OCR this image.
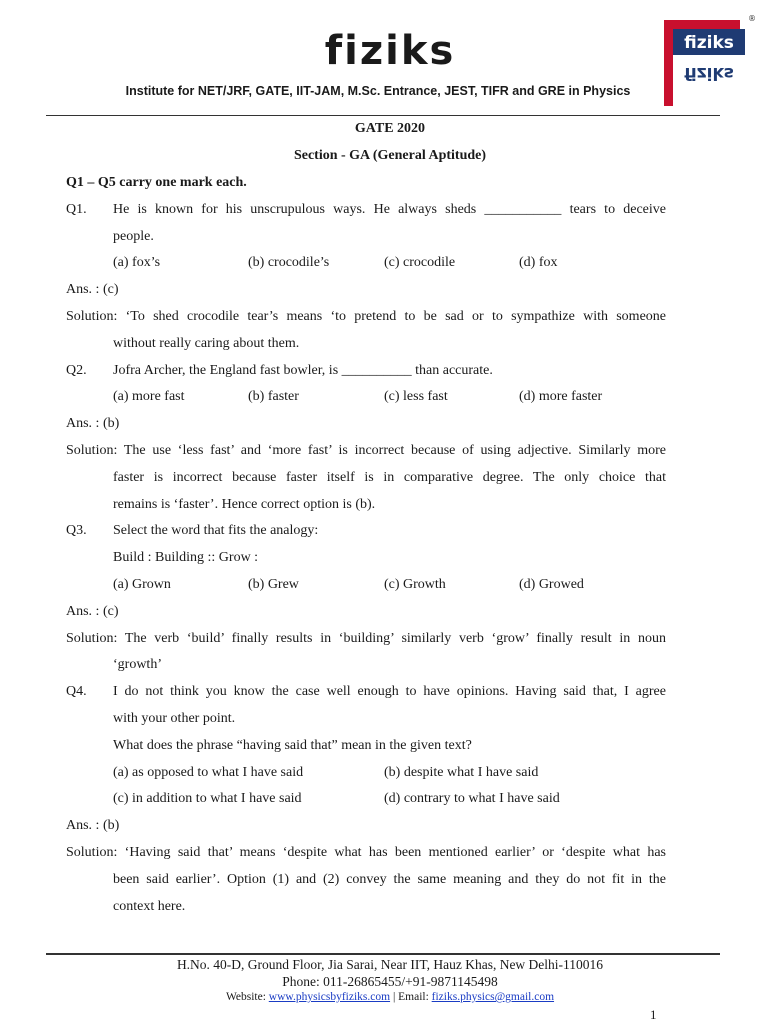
fiziks
Institute for NET/JRF, GATE, IIT-JAM, M.Sc. Entrance, JEST, TIFR and GRE in Physics
fiziks
fiziks
®
GATE 2020
Section - GA (General Aptitude)
Q1 – Q5 carry one mark each.
Q1. He is known for his unscrupulous ways. He always sheds ___________ tears to deceive
people.
(a) fox’s	(b) crocodile’s	(c) crocodile	(d) fox
Ans. : (c)
Solution: ‘To shed crocodile tear’s means ‘to pretend to be sad or to sympathize with someone
without really caring about them.
Q2. Jofra Archer, the England fast bowler, is __________ than accurate.
(a) more fast	(b) faster	(c) less fast	(d) more faster
Ans. : (b)
Solution: The use ‘less fast’ and ‘more fast’ is incorrect because of using adjective. Similarly more
faster is incorrect because faster itself is in comparative degree. The only choice that
remains is ‘faster’. Hence correct option is (b).
Q3. Select the word that fits the analogy:
Build : Building :: Grow :
(a) Grown	(b) Grew	(c) Growth	(d) Growed
Ans. : (c)
Solution: The verb ‘build’ finally results in ‘building’ similarly verb ‘grow’ finally result in noun
‘growth’
Q4. I do not think you know the case well enough to have opinions. Having said that, I agree
with your other point.
What does the phrase “having said that” mean in the given text?
(a) as opposed to what I have said	(b) despite what I have said
(c) in addition to what I have said	(d) contrary to what I have said
Ans. : (b)
Solution: ‘Having said that’ means ‘despite what has been mentioned earlier’ or ‘despite what has
been said earlier’. Option (1) and (2) convey the same meaning and they do not fit in the
context here.
H.No. 40-D, Ground Floor, Jia Sarai, Near IIT, Hauz Khas, New Delhi-110016
Phone: 011-26865455/+91-9871145498
Website: www.physicsbyfiziks.com | Email: fiziks.physics@gmail.com
1
